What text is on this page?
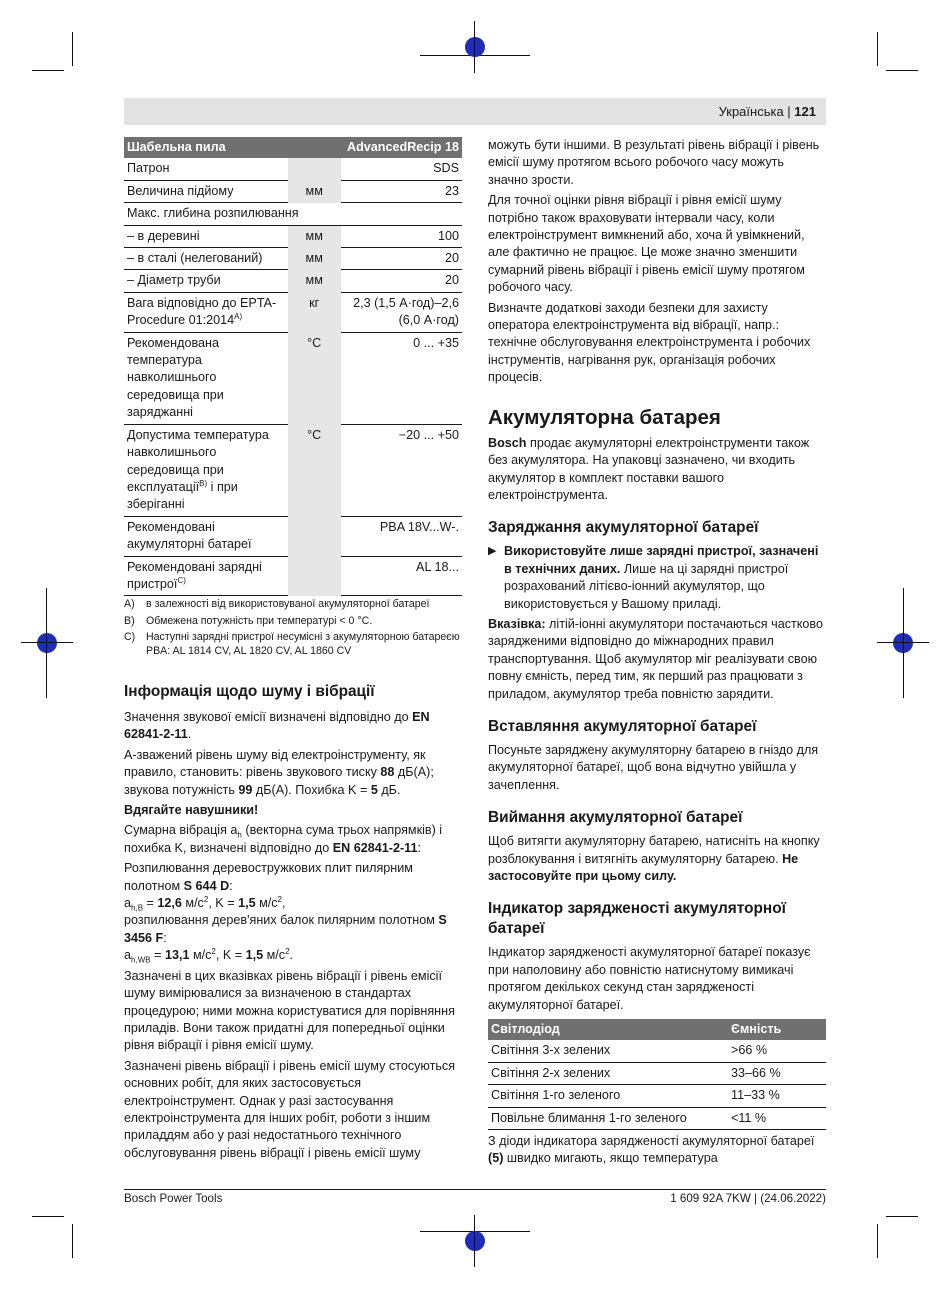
Українська | 121
Шабельна пила		AdvancedRecip 18
Патрон		SDS
Величина підйому	мм	23
Макс. глибина розпилювання		
– в деревині	мм	100
– в сталі (нелегований)	мм	20
– Діаметр труби	мм	20
Вага відповідно до EPTA-Procedure $01:2014^{A)}$	кг	2,3 (1,5 А·год)–2,6 (6,0 А·год)
Рекомендована температура навколишнього середовища при заряджанні	°C	0 ... +35
Допустима температура навколишнього середовища при експлуатації$^{B)}$ і при зберіганні	°C	−20 ... +50
Рекомендовані акумуляторні батареї		PBA 18V...W-.
Рекомендовані зарядні пристрої$^{C)}$		AL 18...
A)	в залежності від використовуваної акумуляторної батареї
B)	Обмежена потужність при температурі < 0 °C.
C)	Наступні зарядні пристрої несумісні з акумуляторною батареєю PBA: AL 1814 CV, AL 1820 CV, AL 1860 CV
Інформація щодо шуму і вібрації

Значення звукової емісії визначені відповідно до EN 62841-2-11.

A-зважений рівень шуму від електроінструменту, як правило, становить: рівень звукового тиску 88 дБ(A); звукова потужність 99 дБ(A). Похибка K = 5 дБ.

Вдягайте навушники!

Сумарна вібрація $a_h$ (векторна сума трьох напрямків) і похибка K, визначені відповідно до EN 62841-2-11:

Розпилювання деревостружкових плит пилярним полотном S 644 D:

$a_{h,B} = 12,6$ $м/с^2$, K = 1,5 $м/с^2$,

розпилювання дерев'яних балок пилярним полотном S 3456 F:

$a_{h,WB} = 13,1$ $м/с^2$, K = 1,5 $м/с^2$.

Зазначені в цих вказівках рівень вібрації і рівень емісії шуму вимірювалися за визначеною в стандартах процедурою; ними можна користуватися для порівняння приладів. Вони також придатні для попередньої оцінки рівня вібрації і рівня емісії шуму.

Зазначені рівень вібрації і рівень емісії шуму стосуються основних робіт, для яких застосовується електроінструмент. Однак у разі застосування електроінструмента для інших робіт, роботи з іншим приладдям або у разі недостатнього технічного обслуговування рівень вібрації і рівень емісії шуму

можуть бути іншими. В результаті рівень вібрації і рівень емісії шуму протягом всього робочого часу можуть значно зрости.

Для точної оцінки рівня вібрації і рівня емісії шуму потрібно також враховувати інтервали часу, коли електроінструмент вимкнений або, хоча й увімкнений, але фактично не працює. Це може значно зменшити сумарний рівень вібрації і рівень емісії шуму протягом робочого часу.

Визначте додаткові заходи безпеки для захисту оператора електроінструмента від вібрації, напр.: технічне обслуговування електроінструмента і робочих інструментів, нагрівання рук, організація робочих процесів.

Акумуляторна батарея

Bosch продає акумуляторні електроінструменти також без акумулятора. На упаковці зазначено, чи входить акумулятор в комплект поставки вашого електроінструмента.

Заряджання акумуляторної батареї
▶ Використовуйте лише зарядні пристрої, зазначені в технічних даних. Лише на ці зарядні пристрої розрахований літієво-іонний акумулятор, що використовується у Вашому приладі.

Вказівка: літій-іонні акумулятори постачаються частково зарядженими відповідно до міжнародних правил транспортування. Щоб акумулятор міг реалізувати свою повну ємність, перед тим, як перший раз працювати з приладом, акумулятор треба повністю зарядити.

Вставляння акумуляторної батареї

Посуньте заряджену акумуляторну батарею в гніздо для акумуляторної батареї, щоб вона відчутно увійшла у зачеплення.

Виймання акумуляторної батареї

Щоб витягти акумуляторну батарею, натисніть на кнопку розблокування і витягніть акумуляторну батарею. Не застосовуйте при цьому силу.

Індикатор зарядженості акумуляторної батареї

Індикатор зарядженості акумуляторної батареї показує при наполовину або повністю натиснутому вимикачі протягом декількох секунд стан зарядженості акумуляторної батареї.

Світлодіод	Ємність
Світіння 3-х зелених	>66 %
Світіння 2-х зелених	33–66 %
Світіння 1-го зеленого	11–33 %
Повільне блимання 1-го зеленого	<11 %

З діоди індикатора зарядженості акумуляторної батареї (5) швидко мигають, якщо температура

Bosch Power Tools	1 609 92A 7KW | (24.06.2022)
